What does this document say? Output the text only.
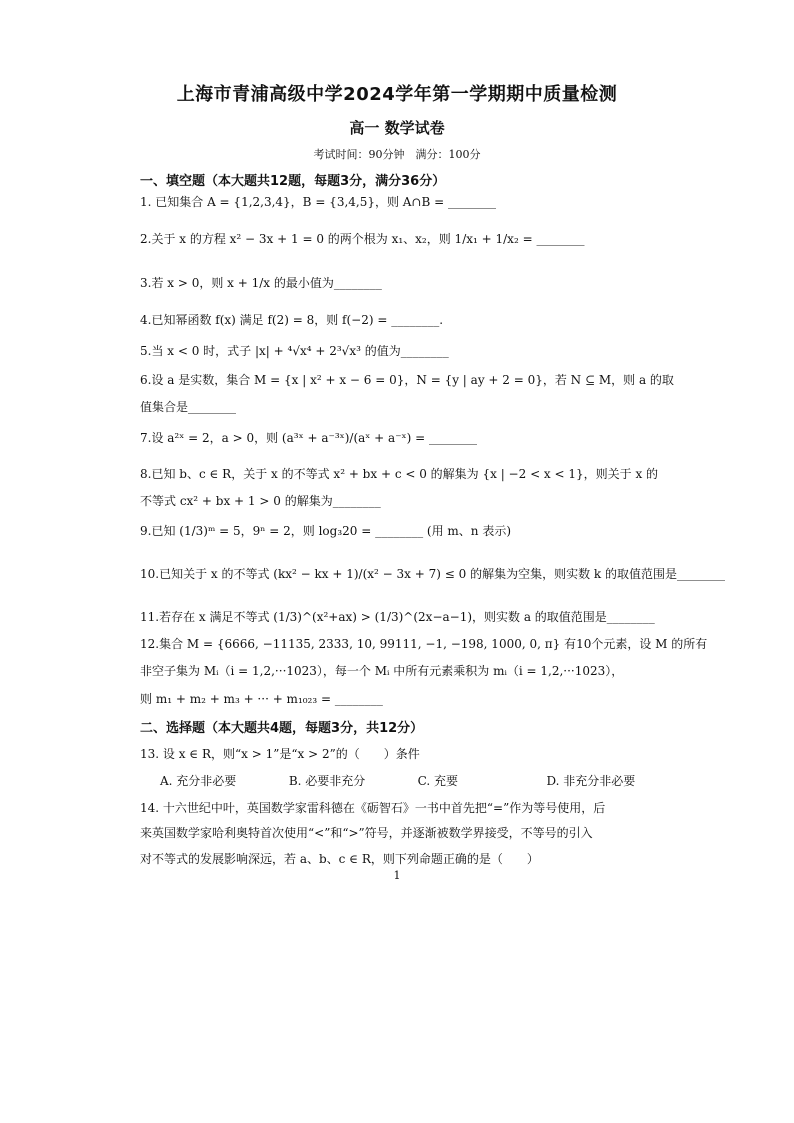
上海市青浦高级中学2024学年第一学期期中质量检测
高一 数学试卷
考试时间：90分钟　满分：100分
一、填空题（本大题共12题，每题3分，满分36分）
1. 已知集合 A = {1,2,3,4}，B = {3,4,5}，则 A∩B = ________
2.关于 x 的方程 x² − 3x + 1 = 0 的两个根为 x₁、x₂，则 1/x₁ + 1/x₂ = ________
3.若 x > 0，则 x + 1/x 的最小值为________
4.已知幂函数 f(x) 满足 f(2) = 8，则 f(−2) = ________.
5.当 x < 0 时，式子 |x| + ⁴√x⁴ + 2³√x³ 的值为________
6.设 a 是实数，集合 M = {x | x² + x − 6 = 0}，N = {y | ay + 2 = 0}，若 N ⊆ M，则 a 的取
值集合是________
7.设 a²ˣ = 2，a > 0，则 (a³ˣ + a⁻³ˣ)/(aˣ + a⁻ˣ) = ________
8.已知 b、c ∈ R，关于 x 的不等式 x² + bx + c < 0 的解集为 {x | −2 < x < 1}，则关于 x 的
不等式 cx² + bx + 1 > 0 的解集为________
9.已知 (1/3)ᵐ = 5，9ⁿ = 2，则 log₃20 = ________ (用 m、n 表示)
10.已知关于 x 的不等式 (kx² − kx + 1)/(x² − 3x + 7) ≤ 0 的解集为空集，则实数 k 的取值范围是________
11.若存在 x 满足不等式 (1/3)^(x²+ax) > (1/3)^(2x−a−1)，则实数 a 的取值范围是________
12.集合 M = {6666, −11135, 2333, 10, 99111, −1, −198, 1000, 0, π} 有10个元素，设 M 的所有
非空子集为 Mᵢ（i = 1,2,···1023），每一个 Mᵢ 中所有元素乘积为 mᵢ（i = 1,2,···1023），
则 m₁ + m₂ + m₃ + ··· + m₁₀₂₃ = ________
二、选择题（本大题共4题，每题3分，共12分）
13. 设 x ∈ R，则“x > 1”是“x > 2”的（　　）条件
A. 充分非必要	B. 必要非充分	C. 充要	D. 非充分非必要
14. 十六世纪中叶，英国数学家雷科德在《砺智石》一书中首先把“=”作为等号使用，后
来英国数学家哈利奥特首次使用“<”和“>”符号，并逐渐被数学界接受，不等号的引入
对不等式的发展影响深远，若 a、b、c ∈ R，则下列命题正确的是（　　）
1
